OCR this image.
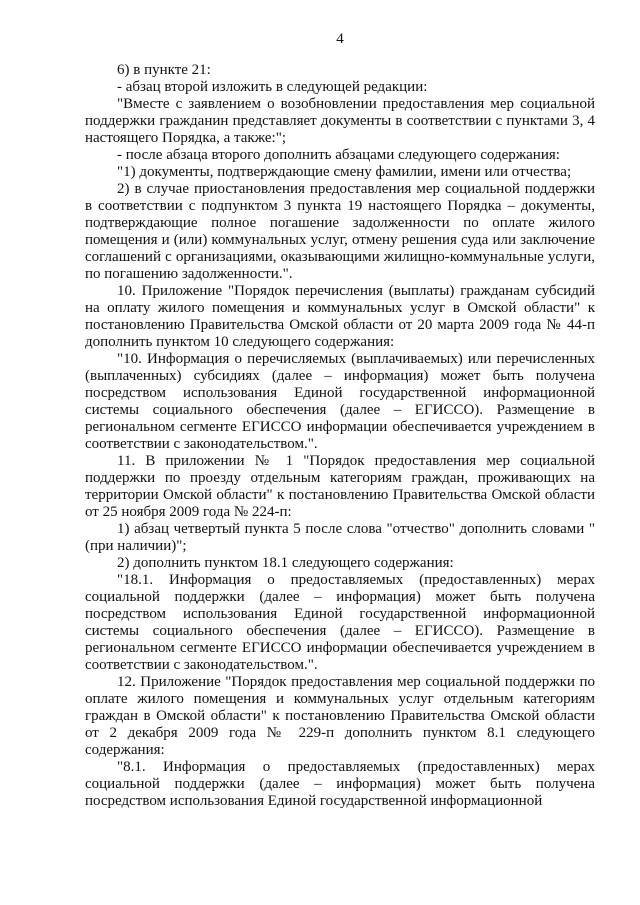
4

6) в пункте 21:

- абзац второй изложить в следующей редакции:

"Вместе с заявлением о возобновлении предоставления мер социальной поддержки гражданин представляет документы в соответствии с пунктами 3, 4 настоящего Порядка, а также:";

- после абзаца второго дополнить абзацами следующего содержания:

"1) документы, подтверждающие смену фамилии, имени или отчества;

2) в случае приостановления предоставления мер социальной поддержки в соответствии с подпунктом 3 пункта 19 настоящего Порядка – документы, подтверждающие полное погашение задолженности по оплате жилого помещения и (или) коммунальных услуг, отмену решения суда или заключение соглашений с организациями, оказывающими жилищно-коммунальные услуги, по погашению задолженности.".

10. Приложение "Порядок перечисления (выплаты) гражданам субсидий на оплату жилого помещения и коммунальных услуг в Омской области" к постановлению Правительства Омской области от 20 марта 2009 года № 44-п дополнить пунктом 10 следующего содержания:

"10. Информация о перечисляемых (выплачиваемых) или перечисленных (выплаченных) субсидиях (далее – информация) может быть получена посредством использования Единой государственной информационной системы социального обеспечения (далее – ЕГИССО). Размещение в региональном сегменте ЕГИССО информации обеспечивается учреждением в соответствии с законодательством.".

11. В приложении № 1 "Порядок предоставления мер социальной поддержки по проезду отдельным категориям граждан, проживающих на территории Омской области" к постановлению Правительства Омской области от 25 ноября 2009 года № 224-п:

1) абзац четвертый пункта 5 после слова "отчество" дополнить словами "(при наличии)";

2) дополнить пунктом 18.1 следующего содержания:

"18.1. Информация о предоставляемых (предоставленных) мерах социальной поддержки (далее – информация) может быть получена посредством использования Единой государственной информационной системы социального обеспечения (далее – ЕГИССО). Размещение в региональном сегменте ЕГИССО информации обеспечивается учреждением в соответствии с законодательством.".

12. Приложение "Порядок предоставления мер социальной поддержки по оплате жилого помещения и коммунальных услуг отдельным категориям граждан в Омской области" к постановлению Правительства Омской области от 2 декабря 2009 года № 229-п дополнить пунктом 8.1 следующего содержания:

"8.1. Информация о предоставляемых (предоставленных) мерах социальной поддержки (далее – информация) может быть получена посредством использования Единой государственной информационной
